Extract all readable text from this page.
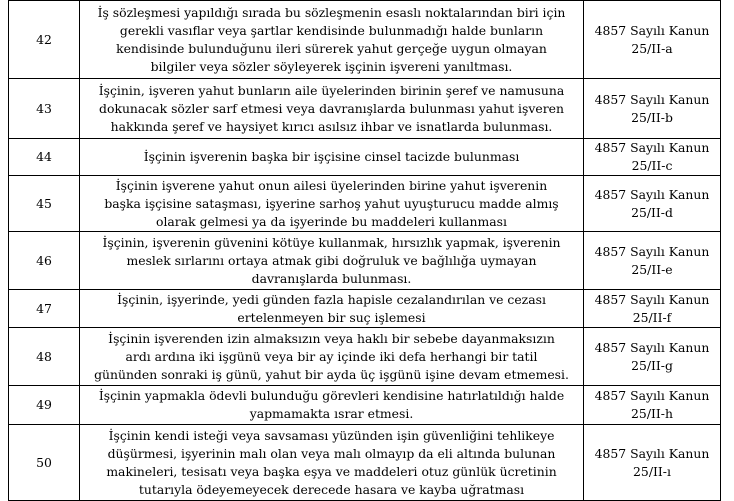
42	İş sözleşmesi yapıldığı sırada bu sözleşmenin esaslı noktalarından biri için
gerekli vasıflar veya şartlar kendisinde bulunmadığı halde bunların
kendisinde bulunduğunu ileri sürerek yahut gerçeğe uygun olmayan
bilgiler veya sözler söyleyerek işçinin işvereni yanıltması.	4857 Sayılı Kanun
25/II-a

43	İşçinin, işveren yahut bunların aile üyelerinden birinin şeref ve namusuna
dokunacak sözler sarf etmesi veya davranışlarda bulunması yahut işveren
hakkında şeref ve haysiyet kırıcı asılsız ihbar ve isnatlarda bulunması.	4857 Sayılı Kanun
25/II-b

44	İşçinin işverenin başka bir işçisine cinsel tacizde bulunması	4857 Sayılı Kanun
25/II-c

45	İşçinin işverene yahut onun ailesi üyelerinden birine yahut işverenin
başka işçisine sataşması, işyerine sarhoş yahut uyuşturucu madde almış
olarak gelmesi ya da işyerinde bu maddeleri kullanması	4857 Sayılı Kanun
25/II-d

46	İşçinin, işverenin güvenini kötüye kullanmak, hırsızlık yapmak, işverenin
meslek sırlarını ortaya atmak gibi doğruluk ve bağlılığa uymayan
davranışlarda bulunması.	4857 Sayılı Kanun
25/II-e

47	İşçinin, işyerinde, yedi günden fazla hapisle cezalandırılan ve cezası
ertelenmeyen bir suç işlemesi	4857 Sayılı Kanun
25/II-f

48	İşçinin işverenden izin almaksızın veya haklı bir sebebe dayanmaksızın
ardı ardına iki işgünü veya bir ay içinde iki defa herhangi bir tatil
gününden sonraki iş günü, yahut bir ayda üç işgünü işine devam etmemesi.	4857 Sayılı Kanun
25/II-g

49	İşçinin yapmakla ödevli bulunduğu görevleri kendisine hatırlatıldığı halde
yapmamakta ısrar etmesi.	4857 Sayılı Kanun
25/II-h

50	İşçinin kendi isteği veya savsaması yüzünden işin güvenliğini tehlikeye
düşürmesi, işyerinin malı olan veya malı olmayıp da eli altında bulunan
makineleri, tesisatı veya başka eşya ve maddeleri otuz günlük ücretinin
tutarıyla ödeyemeyecek derecede hasara ve kayba uğratması	4857 Sayılı Kanun
25/II-ı
